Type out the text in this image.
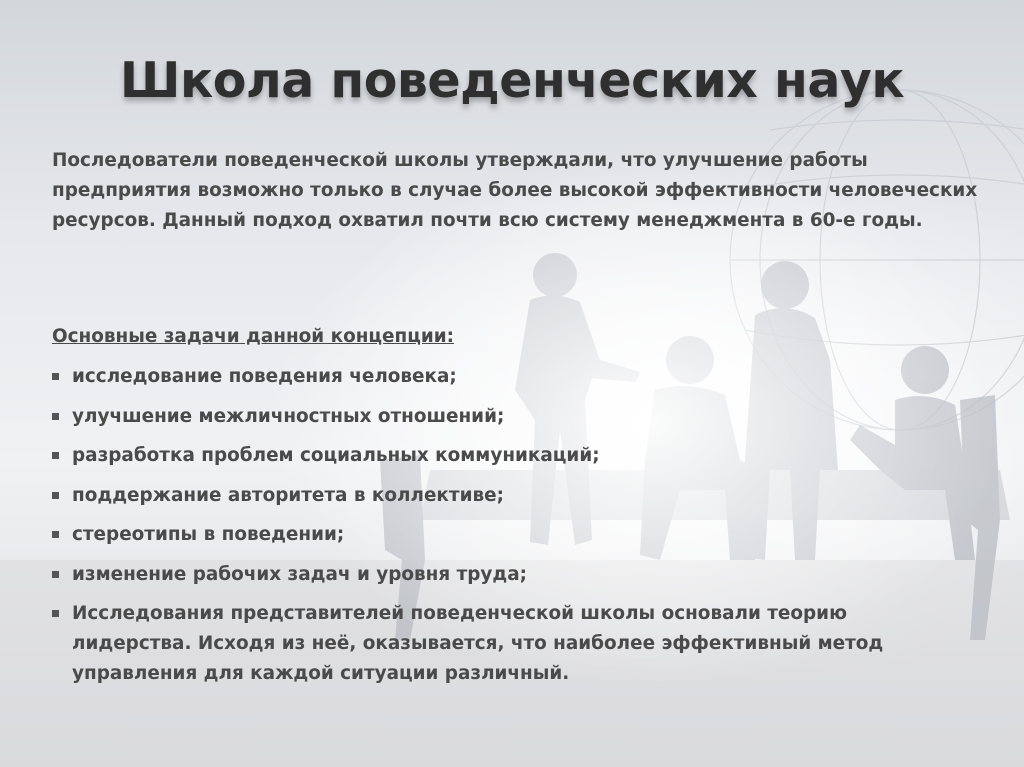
Школа поведенческих наук

Последователи поведенческой школы утверждали, что улучшение работы предприятия возможно только в случае более высокой эффективности человеческих ресурсов. Данный подход охватил почти всю систему менеджмента в 60-е годы.

Основные задачи данной концепции:

исследование поведения человека;
улучшение межличностных отношений;
разработка проблем социальных коммуникаций;
поддержание авторитета в коллективе;
стереотипы в поведении;
изменение рабочих задач и уровня труда;
Исследования представителей поведенческой школы основали теорию лидерства. Исходя из неё, оказывается, что наиболее эффективный метод управления для каждой ситуации различный.
